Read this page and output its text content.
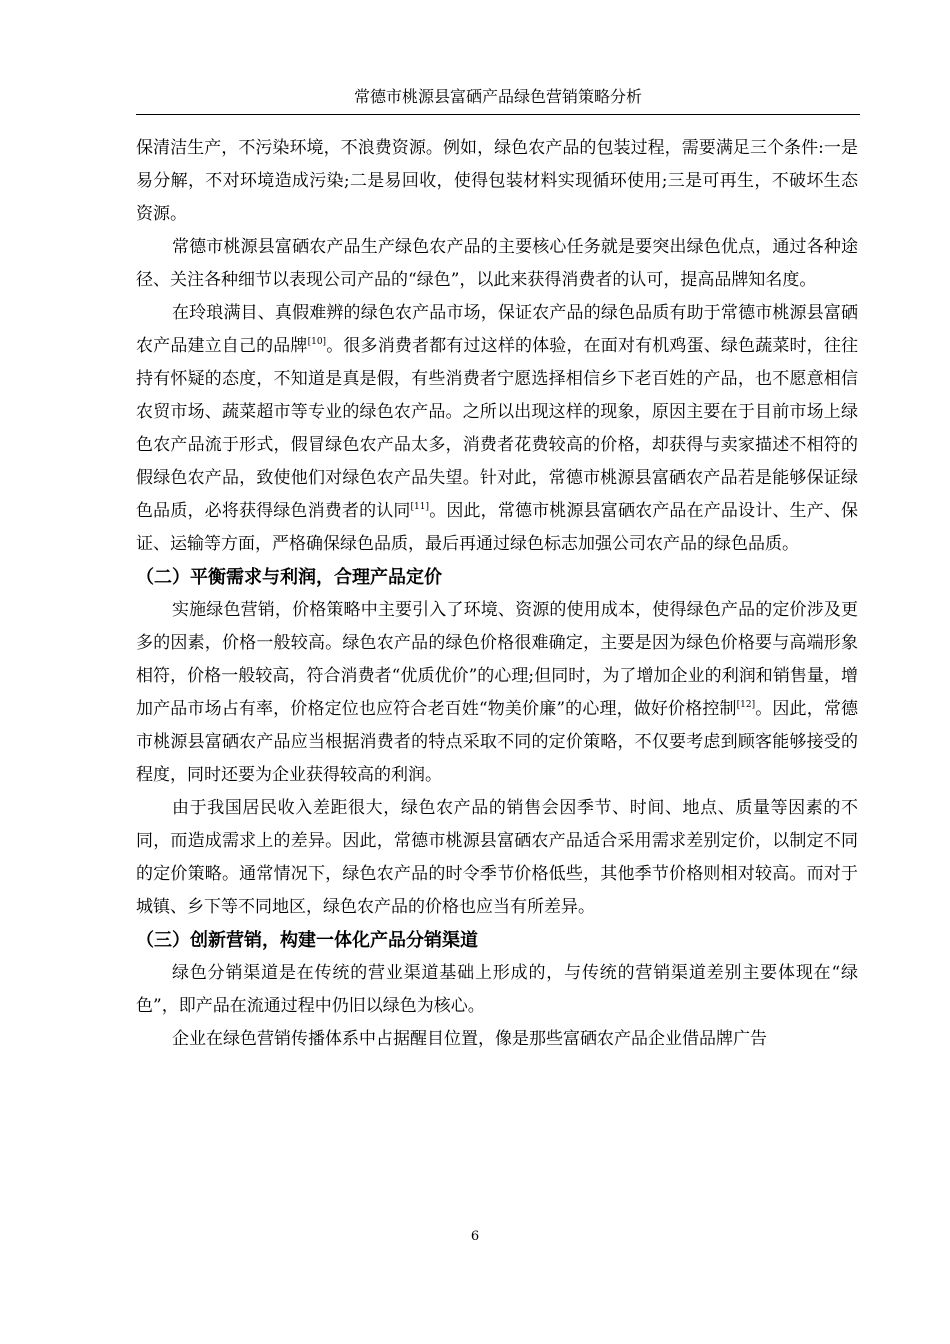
常德市桃源县富硒产品绿色营销策略分析

保清洁生产，不污染环境，不浪费资源。例如，绿色农产品的包装过程，需要满足三个条件:一是易分解，不对环境造成污染;二是易回收，使得包装材料实现循环使用;三是可再生，不破坏生态资源。

常德市桃源县富硒农产品生产绿色农产品的主要核心任务就是要突出绿色优点，通过各种途径、关注各种细节以表现公司产品的“绿色”，以此来获得消费者的认可，提高品牌知名度。

在玲琅满目、真假难辨的绿色农产品市场，保证农产品的绿色品质有助于常德市桃源县富硒农产品建立自己的品牌[10]。很多消费者都有过这样的体验，在面对有机鸡蛋、绿色蔬菜时，往往持有怀疑的态度，不知道是真是假，有些消费者宁愿选择相信乡下老百姓的产品，也不愿意相信农贸市场、蔬菜超市等专业的绿色农产品。之所以出现这样的现象，原因主要在于目前市场上绿色农产品流于形式，假冒绿色农产品太多，消费者花费较高的价格，却获得与卖家描述不相符的假绿色农产品，致使他们对绿色农产品失望。针对此，常德市桃源县富硒农产品若是能够保证绿色品质，必将获得绿色消费者的认同[11]。因此，常德市桃源县富硒农产品在产品设计、生产、保证、运输等方面，严格确保绿色品质，最后再通过绿色标志加强公司农产品的绿色品质。

（二）平衡需求与利润，合理产品定价

实施绿色营销，价格策略中主要引入了环境、资源的使用成本，使得绿色产品的定价涉及更多的因素，价格一般较高。绿色农产品的绿色价格很难确定，主要是因为绿色价格要与高端形象相符，价格一般较高，符合消费者“优质优价”的心理;但同时，为了增加企业的利润和销售量，增加产品市场占有率，价格定位也应符合老百姓“物美价廉”的心理，做好价格控制[12]。因此，常德市桃源县富硒农产品应当根据消费者的特点采取不同的定价策略，不仅要考虑到顾客能够接受的程度，同时还要为企业获得较高的利润。

由于我国居民收入差距很大，绿色农产品的销售会因季节、时间、地点、质量等因素的不同，而造成需求上的差异。因此，常德市桃源县富硒农产品适合采用需求差别定价，以制定不同的定价策略。通常情况下，绿色农产品的时令季节价格低些，其他季节价格则相对较高。而对于城镇、乡下等不同地区，绿色农产品的价格也应当有所差异。

（三）创新营销，构建一体化产品分销渠道

绿色分销渠道是在传统的营业渠道基础上形成的，与传统的营销渠道差别主要体现在“绿色”，即产品在流通过程中仍旧以绿色为核心。

企业在绿色营销传播体系中占据醒目位置，像是那些富硒农产品企业借品牌广告

6
